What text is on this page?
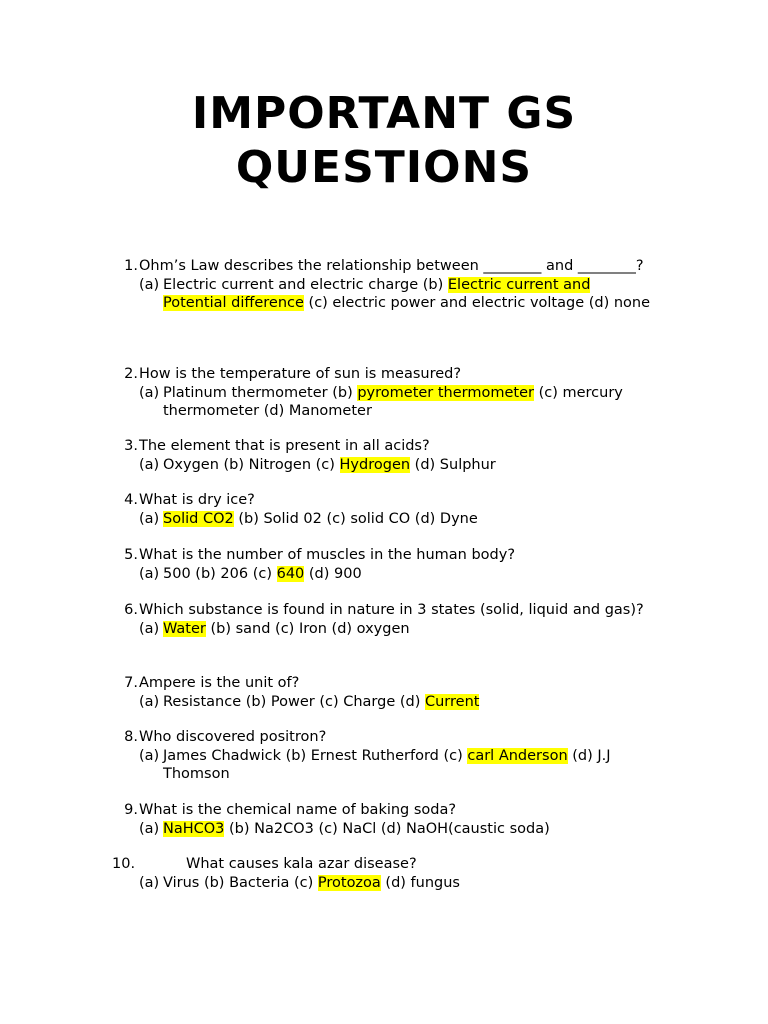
IMPORTANT GS
QUESTIONS
1. Ohm’s Law describes the relationship between ________ and ________?
(a) Electric current and electric charge (b) Electric current and Potential difference (c) electric power and electric voltage (d) none
2. How is the temperature of sun is measured?
(a) Platinum thermometer (b) pyrometer thermometer (c) mercury thermometer (d) Manometer
3. The element that is present in all acids?
(a) Oxygen (b) Nitrogen (c) Hydrogen (d) Sulphur
4. What is dry ice?
(a) Solid CO2 (b) Solid 02 (c) solid CO (d) Dyne
5. What is the number of muscles in the human body?
(a) 500 (b) 206 (c) 640 (d) 900
6. Which substance is found in nature in 3 states (solid, liquid and gas)?
(a) Water (b) sand (c) Iron (d) oxygen
7. Ampere is the unit of?
(a) Resistance (b) Power (c) Charge (d) Current
8. Who discovered positron?
(a) James Chadwick (b) Ernest Rutherford (c) carl Anderson (d) J.J Thomson
9. What is the chemical name of baking soda?
(a) NaHCO3 (b) Na2CO3 (c) NaCl (d) NaOH(caustic soda)
10.	What causes kala azar disease?
(a) Virus (b) Bacteria (c) Protozoa (d) fungus
